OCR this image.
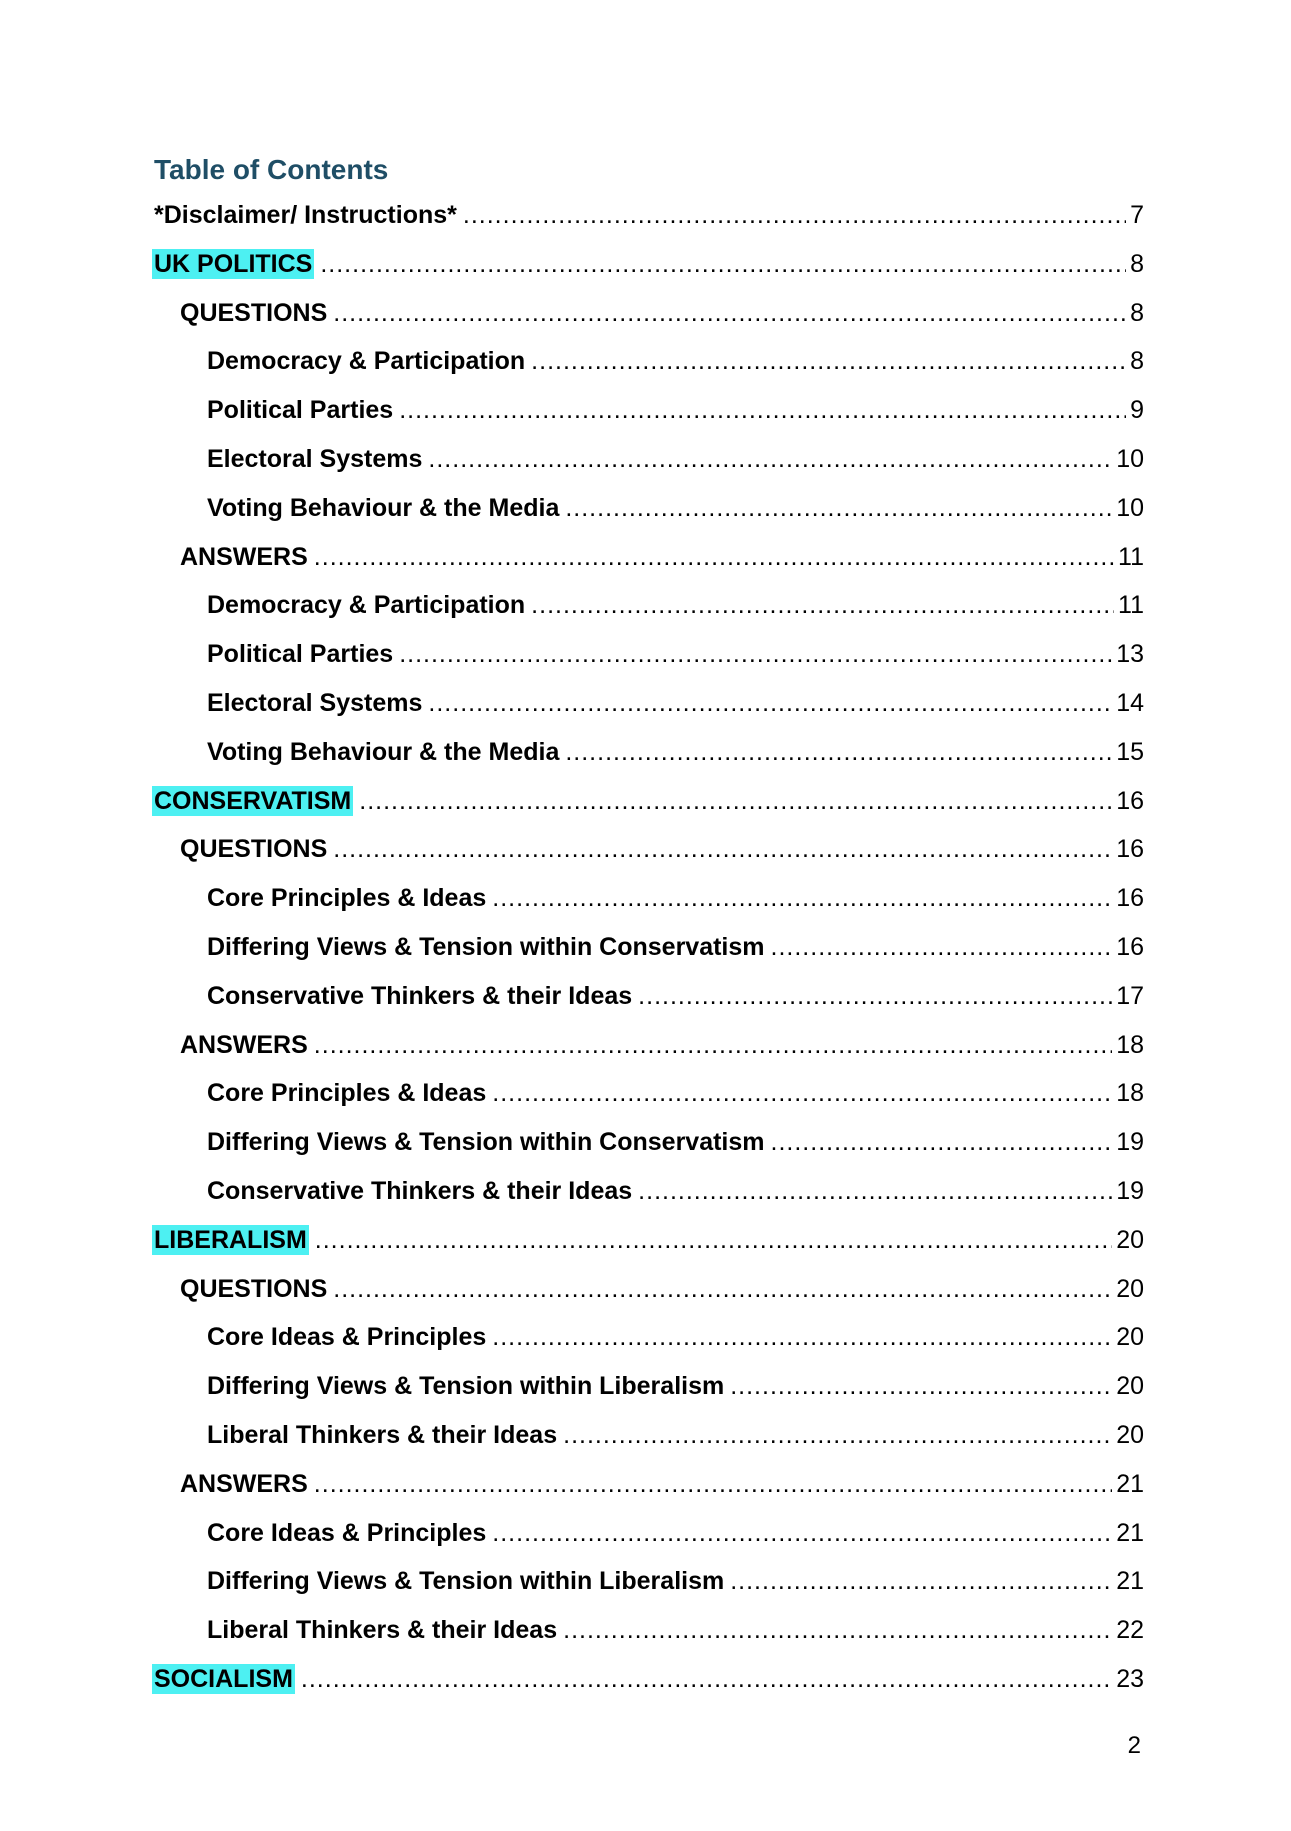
Table of Contents
*Disclaimer/ Instructions* .....	7
UK POLITICS .....	8
QUESTIONS .....	8
Democracy & Participation .....	8
Political Parties .....	9
Electoral Systems .....	10
Voting Behaviour & the Media .....	10
ANSWERS .....	11
Democracy & Participation .....	11
Political Parties .....	13
Electoral Systems .....	14
Voting Behaviour & the Media .....	15
CONSERVATISM .....	16
QUESTIONS .....	16
Core Principles & Ideas .....	16
Differing Views & Tension within Conservatism .....	16
Conservative Thinkers & their Ideas .....	17
ANSWERS .....	18
Core Principles & Ideas .....	18
Differing Views & Tension within Conservatism .....	19
Conservative Thinkers & their Ideas .....	19
LIBERALISM .....	20
QUESTIONS .....	20
Core Ideas & Principles .....	20
Differing Views & Tension within Liberalism .....	20
Liberal Thinkers & their Ideas .....	20
ANSWERS .....	21
Core Ideas & Principles .....	21
Differing Views & Tension within Liberalism .....	21
Liberal Thinkers & their Ideas .....	22
SOCIALISM .....	23
2
